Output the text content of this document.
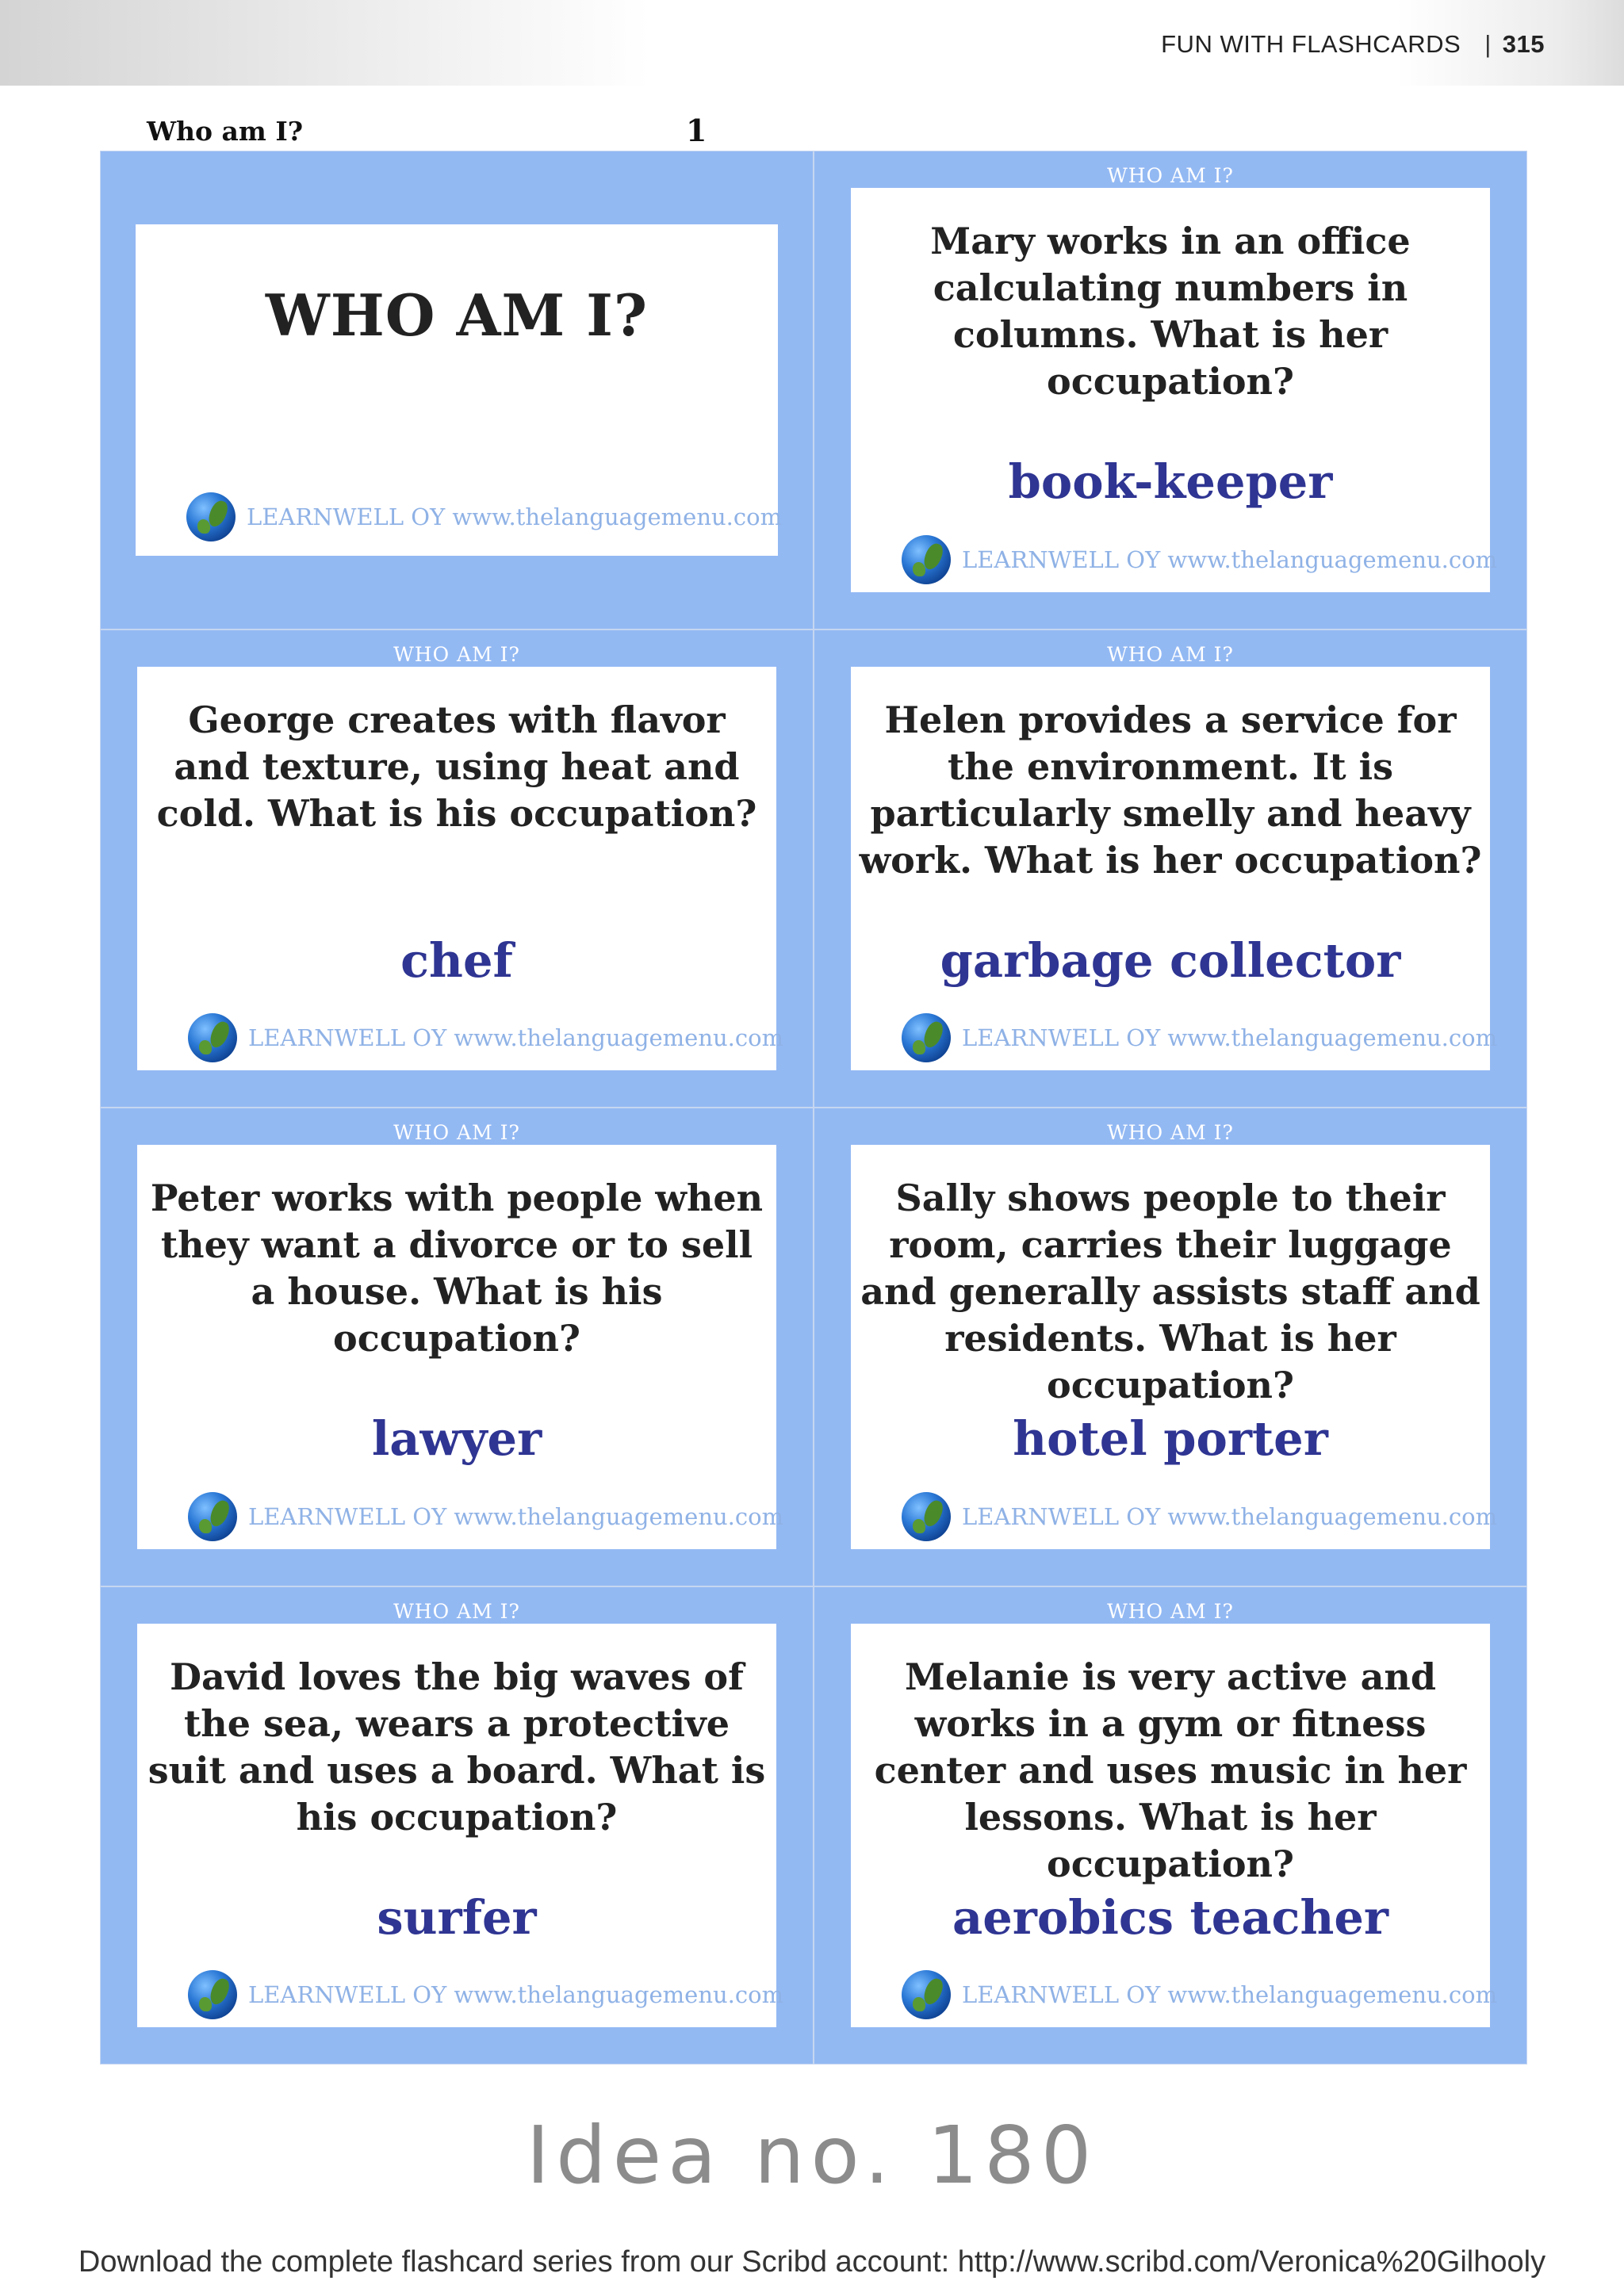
FUN WITH FLASHCARDS | 315
Who am I?	1
WHO AM I?
LEARNWELL OY www.thelanguagemenu.com
WHO AM I?
Mary works in an office calculating numbers in columns. What is her occupation?
book-keeper
LEARNWELL OY www.thelanguagemenu.com
WHO AM I?
George creates with flavor and texture, using heat and cold. What is his occupation?
chef
LEARNWELL OY www.thelanguagemenu.com
WHO AM I?
Helen provides a service for the environment. It is particularly smelly and heavy work. What is her occupation?
garbage collector
LEARNWELL OY www.thelanguagemenu.com
WHO AM I?
Peter works with people when they want a divorce or to sell a house. What is his occupation?
lawyer
LEARNWELL OY www.thelanguagemenu.com
WHO AM I?
Sally shows people to their room, carries their luggage and generally assists staff and residents. What is her occupation?
hotel porter
LEARNWELL OY www.thelanguagemenu.com
WHO AM I?
David loves the big waves of the sea, wears a protective suit and uses a board. What is his occupation?
surfer
LEARNWELL OY www.thelanguagemenu.com
WHO AM I?
Melanie is very active and works in a gym or fitness center and uses music in her lessons. What is her occupation?
aerobics teacher
LEARNWELL OY www.thelanguagemenu.com
Idea no. 180
Download the complete flashcard series from our Scribd account: http://www.scribd.com/Veronica%20Gilhooly
